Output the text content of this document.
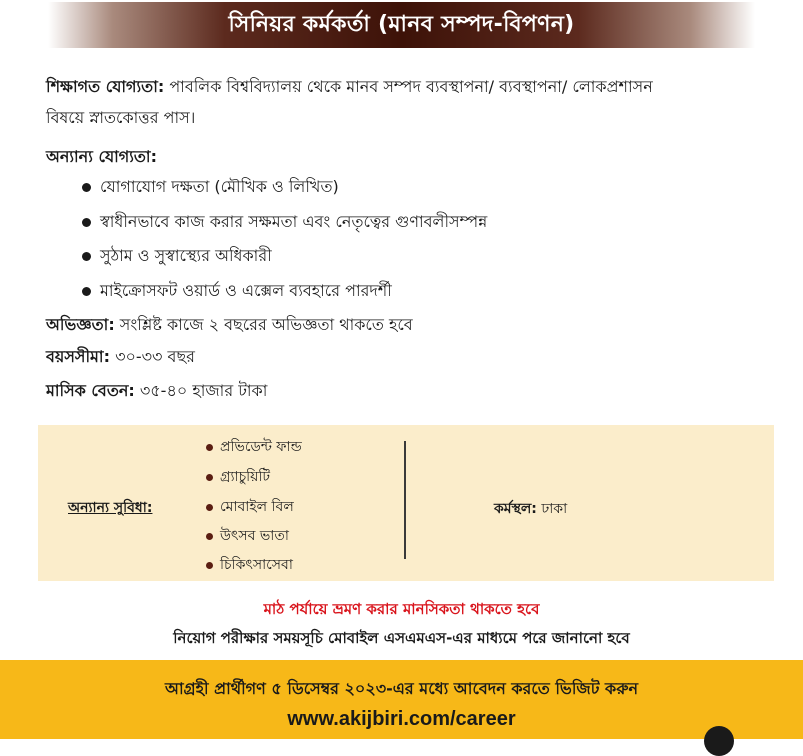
সিনিয়র কর্মকর্তা (মানব সম্পদ-বিপণন)
শিক্ষাগত যোগ্যতা: পাবলিক বিশ্ববিদ্যালয় থেকে মানব সম্পদ ব্যবস্থাপনা/ ব্যবস্থাপনা/ লোকপ্রশাসন
বিষয়ে স্নাতকোত্তর পাস।
অন্যান্য যোগ্যতা:
যোগাযোগ দক্ষতা (মৌখিক ও লিখিত)
স্বাধীনভাবে কাজ করার সক্ষমতা এবং নেতৃত্বের গুণাবলীসম্পন্ন
সুঠাম ও সুস্বাস্থ্যের অধিকারী
মাইক্রোসফট ওয়ার্ড ও এক্সেল ব্যবহারে পারদর্শী
অভিজ্ঞতা: সংশ্লিষ্ট কাজে ২ বছরের অভিজ্ঞতা থাকতে হবে
বয়সসীমা: ৩০-৩৩ বছর
মাসিক বেতন: ৩৫-৪০ হাজার টাকা
অন্যান্য সুবিধা:
প্রভিডেন্ট ফান্ড
গ্র্যাচুয়িটি
মোবাইল বিল
উৎসব ভাতা
চিকিৎসাসেবা
কর্মস্থল: ঢাকা
মাঠ পর্যায়ে ভ্রমণ করার মানসিকতা থাকতে হবে
নিয়োগ পরীক্ষার সময়সূচি মোবাইল এসএমএস-এর মাধ্যমে পরে জানানো হবে
আগ্রহী প্রার্থীগণ ৫ ডিসেম্বর ২০২৩-এর মধ্যে আবেদন করতে ভিজিট করুন
www.akijbiri.com/career
